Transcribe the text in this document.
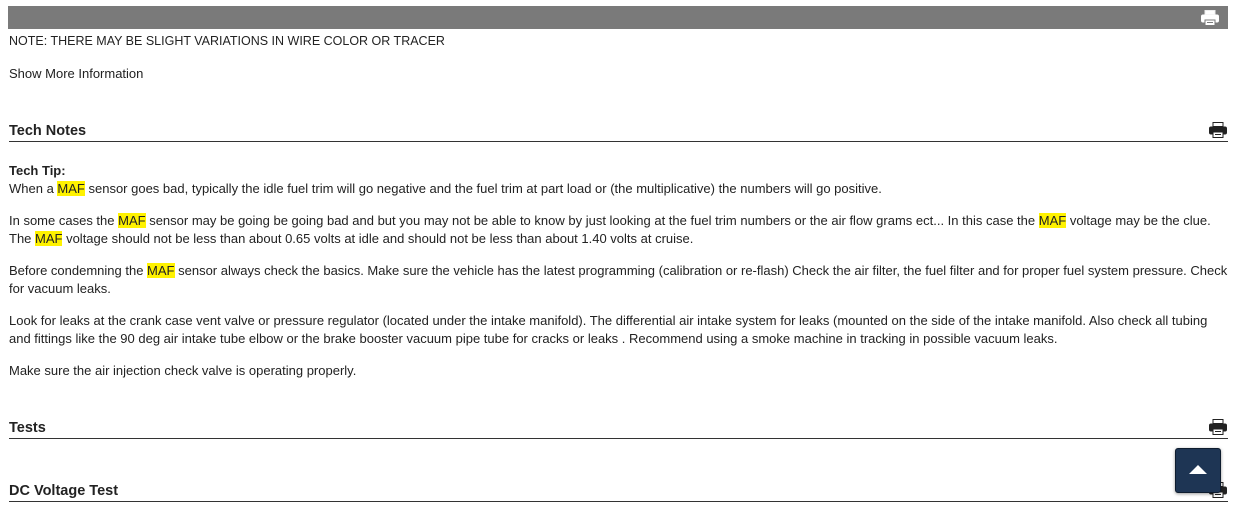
NOTE: THERE MAY BE SLIGHT VARIATIONS IN WIRE COLOR OR TRACER
Show More Information
Tech Notes

Tech Tip:

When a MAF sensor goes bad, typically the idle fuel trim will go negative and the fuel trim at part load or (the multiplicative) the numbers will go positive.

In some cases the MAF sensor may be going be going bad and but you may not be able to know by just looking at the fuel trim numbers or the air flow grams ect... In this case the MAF voltage may be the clue. The MAF voltage should not be less than about 0.65 volts at idle and should not be less than about 1.40 volts at cruise.

Before condemning the MAF sensor always check the basics. Make sure the vehicle has the latest programming (calibration or re-flash) Check the air filter, the fuel filter and for proper fuel system pressure. Check for vacuum leaks.

Look for leaks at the crank case vent valve or pressure regulator (located under the intake manifold). The differential air intake system for leaks (mounted on the side of the intake manifold. Also check all tubing and fittings like the 90 deg air intake tube elbow or the brake booster vacuum pipe tube for cracks or leaks . Recommend using a smoke machine in tracking in possible vacuum leaks.

Make sure the air injection check valve is operating properly.

Tests
DC Voltage Test
